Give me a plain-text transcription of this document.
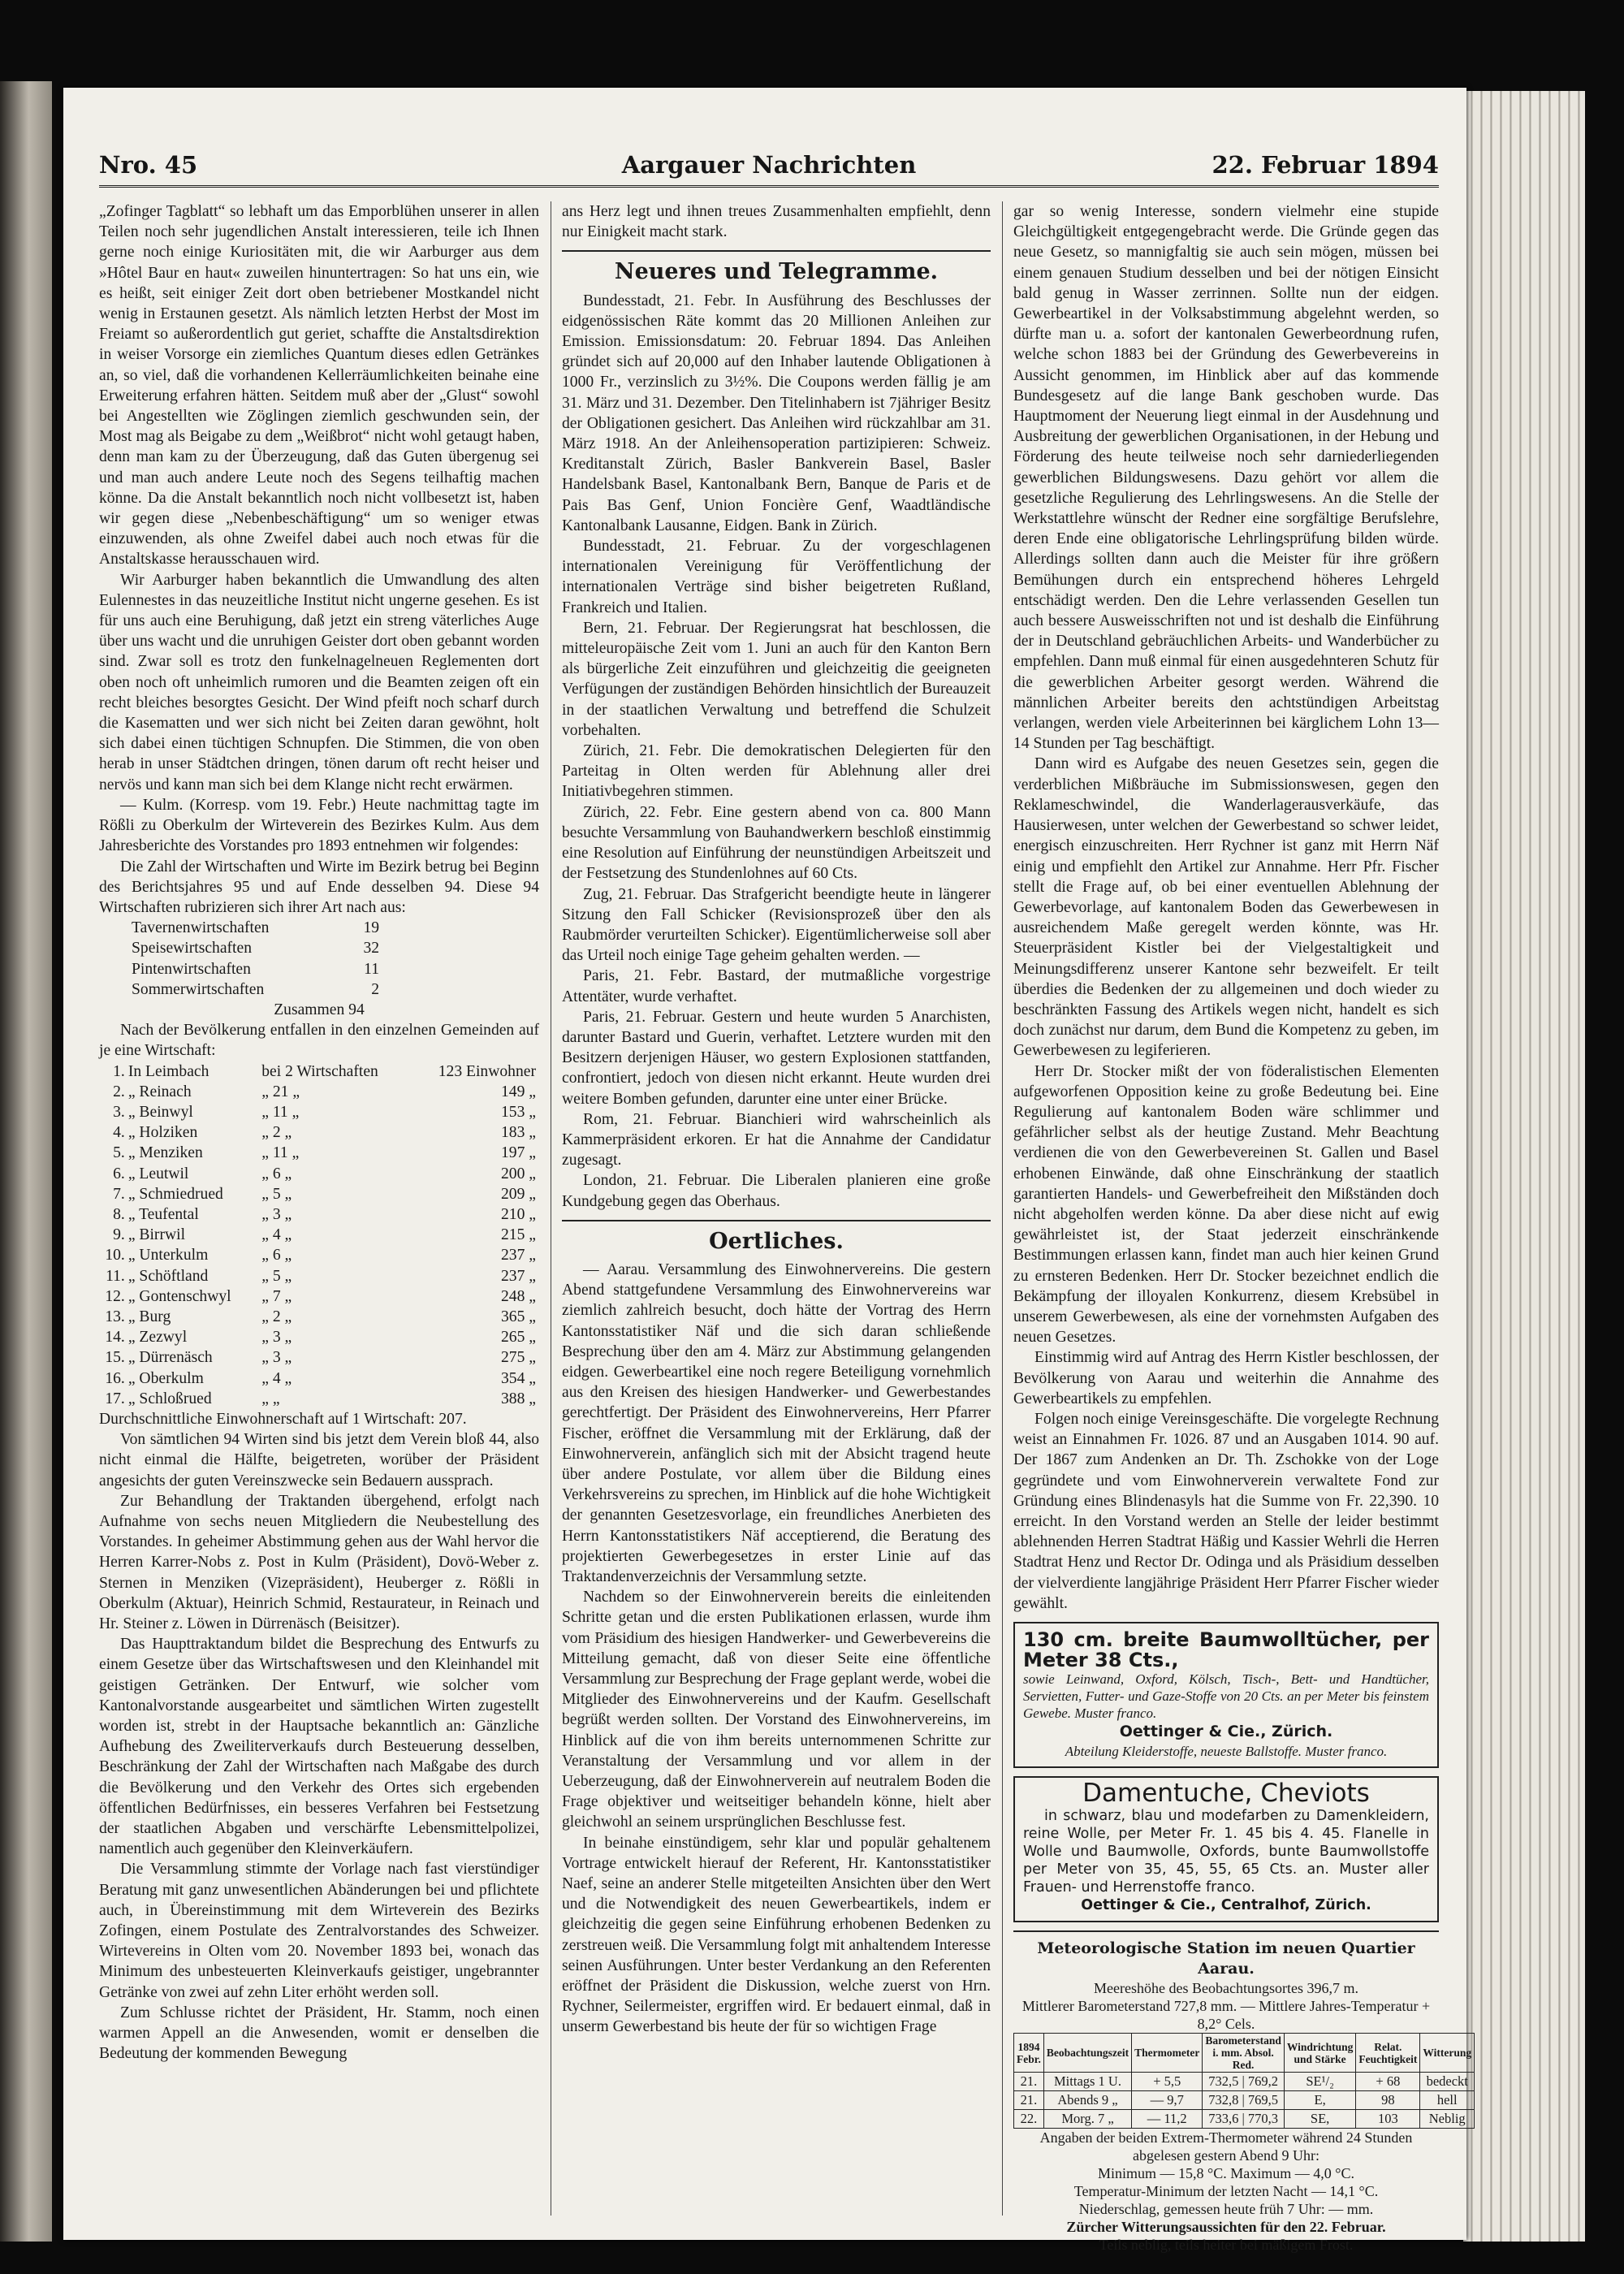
Nro. 45	Aargauer Nachrichten	22. Februar 1894

„Zofinger Tagblatt“ so lebhaft um das Emporblühen unserer in allen Teilen noch sehr jugendlichen Anstalt interessieren, teile ich Ihnen gerne noch einige Kuriositäten mit, die wir Aarburger aus dem »Hôtel Baur en haut« zuweilen hinuntertragen: So hat uns ein, wie es heißt, seit einiger Zeit dort oben betriebener Mostkandel nicht wenig in Erstaunen gesetzt. Als nämlich letzten Herbst der Most im Freiamt so außerordentlich gut geriet, schaffte die Anstaltsdirektion in weiser Vorsorge ein ziemliches Quantum dieses edlen Getränkes an, so viel, daß die vorhandenen Kellerräumlichkeiten beinahe eine Erweiterung erfahren hätten. Seitdem muß aber der „Glust“ sowohl bei Angestellten wie Zöglingen ziemlich geschwunden sein, der Most mag als Beigabe zu dem „Weißbrot“ nicht wohl getaugt haben, denn man kam zu der Überzeugung, daß das Guten übergenug sei und man auch andere Leute noch des Segens teilhaftig machen könne. Da die Anstalt bekanntlich noch nicht vollbesetzt ist, haben wir gegen diese „Nebenbeschäftigung“ um so weniger etwas einzuwenden, als ohne Zweifel dabei auch noch etwas für die Anstaltskasse herausschauen wird.

Wir Aarburger haben bekanntlich die Umwandlung des alten Eulennestes in das neuzeitliche Institut nicht ungerne gesehen. Es ist für uns auch eine Beruhigung, daß jetzt ein streng väterliches Auge über uns wacht und die unruhigen Geister dort oben gebannt worden sind. Zwar soll es trotz den funkelnagelneuen Reglementen dort oben noch oft unheimlich rumoren und die Beamten zeigen oft ein recht bleiches besorgtes Gesicht. Der Wind pfeift noch scharf durch die Kasematten und wer sich nicht bei Zeiten daran gewöhnt, holt sich dabei einen tüchtigen Schnupfen. Die Stimmen, die von oben herab in unser Städtchen dringen, tönen darum oft recht heiser und nervös und kann man sich bei dem Klange nicht recht erwärmen.

— Kulm. (Korresp. vom 19. Febr.) Heute nachmittag tagte im Rößli zu Oberkulm der Wirteverein des Bezirkes Kulm. Aus dem Jahresberichte des Vorstandes pro 1893 entnehmen wir folgendes:

Die Zahl der Wirtschaften und Wirte im Bezirk betrug bei Beginn des Berichtsjahres 95 und auf Ende desselben 94. Diese 94 Wirtschaften rubrizieren sich ihrer Art nach aus:

Tavernenwirtschaften	19
Speisewirtschaften	32
Pintenwirtschaften	11
Sommerwirtschaften	2

Zusammen 94

Nach der Bevölkerung entfallen in den einzelnen Gemeinden auf je eine Wirtschaft:

1.	In Leimbach	bei 2 Wirtschaften	123 Einwohner
2.	„ Reinach	„ 21 „	149 „
3.	„ Beinwyl	„ 11 „	153 „
4.	„ Holziken	„ 2 „	183 „
5.	„ Menziken	„ 11 „	197 „
6.	„ Leutwil	„ 6 „	200 „
7.	„ Schmiedrued	„ 5 „	209 „
8.	„ Teufental	„ 3 „	210 „
9.	„ Birrwil	„ 4 „	215 „
10.	„ Unterkulm	„ 6 „	237 „
11.	„ Schöftland	„ 5 „	237 „
12.	„ Gontenschwyl	„ 7 „	248 „
13.	„ Burg	„ 2 „	365 „
14.	„ Zezwyl	„ 3 „	265 „
15.	„ Dürrenäsch	„ 3 „	275 „
16.	„ Oberkulm	„ 4 „	354 „
17.	„ Schloßrued	„ „	388 „

Durchschnittliche Einwohnerschaft auf 1 Wirtschaft: 207.

Von sämtlichen 94 Wirten sind bis jetzt dem Verein bloß 44, also nicht einmal die Hälfte, beigetreten, worüber der Präsident angesichts der guten Vereinszwecke sein Bedauern aussprach.

Zur Behandlung der Traktanden übergehend, erfolgt nach Aufnahme von sechs neuen Mitgliedern die Neubestellung des Vorstandes. In geheimer Abstimmung gehen aus der Wahl hervor die Herren Karrer-Nobs z. Post in Kulm (Präsident), Dovö-Weber z. Sternen in Menziken (Vizepräsident), Heuberger z. Rößli in Oberkulm (Aktuar), Heinrich Schmid, Restaurateur, in Reinach und Hr. Steiner z. Löwen in Dürrenäsch (Beisitzer).

Das Haupttraktandum bildet die Besprechung des Entwurfs zu einem Gesetze über das Wirtschaftswesen und den Kleinhandel mit geistigen Getränken. Der Entwurf, wie solcher vom Kantonalvorstande ausgearbeitet und sämtlichen Wirten zugestellt worden ist, strebt in der Hauptsache bekanntlich an: Gänzliche Aufhebung des Zweiliterverkaufs durch Besteuerung desselben, Beschränkung der Zahl der Wirtschaften nach Maßgabe des durch die Bevölkerung und den Verkehr des Ortes sich ergebenden öffentlichen Bedürfnisses, ein besseres Verfahren bei Festsetzung der staatlichen Abgaben und verschärfte Lebensmittelpolizei, namentlich auch gegenüber den Kleinverkäufern.

Die Versammlung stimmte der Vorlage nach fast vierstündiger Beratung mit ganz unwesentlichen Abänderungen bei und pflichtete auch, in Übereinstimmung mit dem Wirteverein des Bezirks Zofingen, einem Postulate des Zentralvorstandes des Schweizer. Wirtevereins in Olten vom 20. November 1893 bei, wonach das Minimum des unbesteuerten Kleinverkaufs geistiger, ungebrannter Getränke von zwei auf zehn Liter erhöht werden soll.

Zum Schlusse richtet der Präsident, Hr. Stamm, noch einen warmen Appell an die Anwesenden, womit er denselben die Bedeutung der kommenden Bewegung

ans Herz legt und ihnen treues Zusammenhalten empfiehlt, denn nur Einigkeit macht stark.

Neueres und Telegramme.

Bundesstadt, 21. Febr. In Ausführung des Beschlusses der eidgenössischen Räte kommt das 20 Millionen Anleihen zur Emission. Emissionsdatum: 20. Februar 1894. Das Anleihen gründet sich auf 20,000 auf den Inhaber lautende Obligationen à 1000 Fr., verzinslich zu 3½%. Die Coupons werden fällig je am 31. März und 31. Dezember. Den Titelinhabern ist 7jähriger Besitz der Obligationen gesichert. Das Anleihen wird rückzahlbar am 31. März 1918. An der Anleihensoperation partizipieren: Schweiz. Kreditanstalt Zürich, Basler Bankverein Basel, Basler Handelsbank Basel, Kantonalbank Bern, Banque de Paris et de Pais Bas Genf, Union Foncière Genf, Waadtländische Kantonalbank Lausanne, Eidgen. Bank in Zürich.

Bundesstadt, 21. Februar. Zu der vorgeschlagenen internationalen Vereinigung für Veröffentlichung der internationalen Verträge sind bisher beigetreten Rußland, Frankreich und Italien.

Bern, 21. Februar. Der Regierungsrat hat beschlossen, die mitteleuropäische Zeit vom 1. Juni an auch für den Kanton Bern als bürgerliche Zeit einzuführen und gleichzeitig die geeigneten Verfügungen der zuständigen Behörden hinsichtlich der Bureauzeit in der staatlichen Verwaltung und betreffend die Schulzeit vorbehalten.

Zürich, 21. Febr. Die demokratischen Delegierten für den Parteitag in Olten werden für Ablehnung aller drei Initiativbegehren stimmen.

Zürich, 22. Febr. Eine gestern abend von ca. 800 Mann besuchte Versammlung von Bauhandwerkern beschloß einstimmig eine Resolution auf Einführung der neunstündigen Arbeitszeit und der Festsetzung des Stundenlohnes auf 60 Cts.

Zug, 21. Februar. Das Strafgericht beendigte heute in längerer Sitzung den Fall Schicker (Revisionsprozeß über den als Raubmörder verurteilten Schicker). Eigentümlicherweise soll aber das Urteil noch einige Tage geheim gehalten werden. —

Paris, 21. Febr. Bastard, der mutmaßliche vorgestrige Attentäter, wurde verhaftet.

Paris, 21. Februar. Gestern und heute wurden 5 Anarchisten, darunter Bastard und Guerin, verhaftet. Letztere wurden mit den Besitzern derjenigen Häuser, wo gestern Explosionen stattfanden, confrontiert, jedoch von diesen nicht erkannt. Heute wurden drei weitere Bomben gefunden, darunter eine unter einer Brücke.

Rom, 21. Februar. Bianchieri wird wahrscheinlich als Kammerpräsident erkoren. Er hat die Annahme der Candidatur zugesagt.

London, 21. Februar. Die Liberalen planieren eine große Kundgebung gegen das Oberhaus.

Oertliches.

— Aarau. Versammlung des Einwohnervereins. Die gestern Abend stattgefundene Versammlung des Einwohnervereins war ziemlich zahlreich besucht, doch hätte der Vortrag des Herrn Kantonsstatistiker Näf und die sich daran schließende Besprechung über den am 4. März zur Abstimmung gelangenden eidgen. Gewerbeartikel eine noch regere Beteiligung vornehmlich aus den Kreisen des hiesigen Handwerker- und Gewerbestandes gerechtfertigt. Der Präsident des Einwohnervereins, Herr Pfarrer Fischer, eröffnet die Versammlung mit der Erklärung, daß der Einwohnerverein, anfänglich sich mit der Absicht tragend heute über andere Postulate, vor allem über die Bildung eines Verkehrsvereins zu sprechen, im Hinblick auf die hohe Wichtigkeit der genannten Gesetzesvorlage, ein freundliches Anerbieten des Herrn Kantonsstatistikers Näf acceptierend, die Beratung des projektierten Gewerbegesetzes in erster Linie auf das Traktandenverzeichnis der Versammlung setzte.

Nachdem so der Einwohnerverein bereits die einleitenden Schritte getan und die ersten Publikationen erlassen, wurde ihm vom Präsidium des hiesigen Handwerker- und Gewerbevereins die Mitteilung gemacht, daß von dieser Seite eine öffentliche Versammlung zur Besprechung der Frage geplant werde, wobei die Mitglieder des Einwohnervereins und der Kaufm. Gesellschaft begrüßt werden sollten. Der Vorstand des Einwohnervereins, im Hinblick auf die von ihm bereits unternommenen Schritte zur Veranstaltung der Versammlung und vor allem in der Ueberzeugung, daß der Einwohnerverein auf neutralem Boden die Frage objektiver und weitseitiger behandeln könne, hielt aber gleichwohl an seinem ursprünglichen Beschlusse fest.

In beinahe einstündigem, sehr klar und populär gehaltenem Vortrage entwickelt hierauf der Referent, Hr. Kantonsstatistiker Naef, seine an anderer Stelle mitgeteilten Ansichten über den Wert und die Notwendigkeit des neuen Gewerbeartikels, indem er gleichzeitig die gegen seine Einführung erhobenen Bedenken zu zerstreuen weiß. Die Versammlung folgt mit anhaltendem Interesse seinen Ausführungen. Unter bester Verdankung an den Referenten eröffnet der Präsident die Diskussion, welche zuerst von Hrn. Rychner, Seilermeister, ergriffen wird. Er bedauert einmal, daß in unserm Gewerbestand bis heute der für so wichtigen Frage

gar so wenig Interesse, sondern vielmehr eine stupide Gleichgültigkeit entgegengebracht werde. Die Gründe gegen das neue Gesetz, so mannigfaltig sie auch sein mögen, müssen bei einem genauen Studium desselben und bei der nötigen Einsicht bald genug in Wasser zerrinnen. Sollte nun der eidgen. Gewerbeartikel in der Volksabstimmung abgelehnt werden, so dürfte man u. a. sofort der kantonalen Gewerbeordnung rufen, welche schon 1883 bei der Gründung des Gewerbevereins in Aussicht genommen, im Hinblick aber auf das kommende Bundesgesetz auf die lange Bank geschoben wurde. Das Hauptmoment der Neuerung liegt einmal in der Ausdehnung und Ausbreitung der gewerblichen Organisationen, in der Hebung und Förderung des heute teilweise noch sehr darniederliegenden gewerblichen Bildungswesens. Dazu gehört vor allem die gesetzliche Regulierung des Lehrlingswesens. An die Stelle der Werkstattlehre wünscht der Redner eine sorgfältige Berufslehre, deren Ende eine obligatorische Lehrlingsprüfung bilden würde. Allerdings sollten dann auch die Meister für ihre größern Bemühungen durch ein entsprechend höheres Lehrgeld entschädigt werden. Den die Lehre verlassenden Gesellen tun auch bessere Ausweisschriften not und ist deshalb die Einführung der in Deutschland gebräuchlichen Arbeits- und Wanderbücher zu empfehlen. Dann muß einmal für einen ausgedehnteren Schutz für die gewerblichen Arbeiter gesorgt werden. Während die männlichen Arbeiter bereits den achtstündigen Arbeitstag verlangen, werden viele Arbeiterinnen bei kärglichem Lohn 13—14 Stunden per Tag beschäftigt.

Dann wird es Aufgabe des neuen Gesetzes sein, gegen die verderblichen Mißbräuche im Submissionswesen, gegen den Reklameschwindel, die Wanderlagerausverkäufe, das Hausierwesen, unter welchen der Gewerbestand so schwer leidet, energisch einzuschreiten. Herr Rychner ist ganz mit Herrn Näf einig und empfiehlt den Artikel zur Annahme. Herr Pfr. Fischer stellt die Frage auf, ob bei einer eventuellen Ablehnung der Gewerbevorlage, auf kantonalem Boden das Gewerbewesen in ausreichendem Maße geregelt werden könnte, was Hr. Steuerpräsident Kistler bei der Vielgestaltigkeit und Meinungsdifferenz unserer Kantone sehr bezweifelt. Er teilt überdies die Bedenken der zu allgemeinen und doch wieder zu beschränkten Fassung des Artikels wegen nicht, handelt es sich doch zunächst nur darum, dem Bund die Kompetenz zu geben, im Gewerbewesen zu legiferieren.

Herr Dr. Stocker mißt der von föderalistischen Elementen aufgeworfenen Opposition keine zu große Bedeutung bei. Eine Regulierung auf kantonalem Boden wäre schlimmer und gefährlicher selbst als der heutige Zustand. Mehr Beachtung verdienen die von den Gewerbevereinen St. Gallen und Basel erhobenen Einwände, daß ohne Einschränkung der staatlich garantierten Handels- und Gewerbefreiheit den Mißständen doch nicht abgeholfen werden könne. Da aber diese nicht auf ewig gewährleistet ist, der Staat jederzeit einschränkende Bestimmungen erlassen kann, findet man auch hier keinen Grund zu ernsteren Bedenken. Herr Dr. Stocker bezeichnet endlich die Bekämpfung der illoyalen Konkurrenz, diesem Krebsübel in unserem Gewerbewesen, als eine der vornehmsten Aufgaben des neuen Gesetzes.

Einstimmig wird auf Antrag des Herrn Kistler beschlossen, der Bevölkerung von Aarau und weiterhin die Annahme des Gewerbeartikels zu empfehlen.

Folgen noch einige Vereinsgeschäfte. Die vorgelegte Rechnung weist an Einnahmen Fr. 1026. 87 und an Ausgaben 1014. 90 auf. Der 1867 zum Andenken an Dr. Th. Zschokke von der Loge gegründete und vom Einwohnerverein verwaltete Fond zur Gründung eines Blindenasyls hat die Summe von Fr. 22,390. 10 erreicht. In den Vorstand werden an Stelle der leider bestimmt ablehnenden Herren Stadtrat Häßig und Kassier Wehrli die Herren Stadtrat Henz und Rector Dr. Odinga und als Präsidium desselben der vielverdiente langjährige Präsident Herr Pfarrer Fischer wieder gewählt.

130 cm. breite Baumwolltücher, per Meter 38 Cts.,

sowie Leinwand, Oxford, Kölsch, Tisch-, Bett- und Handtücher, Servietten, Futter- und Gaze-Stoffe von 20 Cts. an per Meter bis feinstem Gewebe. Muster franco.

Oettinger & Cie., Zürich.

Abteilung Kleiderstoffe, neueste Ballstoffe. Muster franco.

Damentuche, Cheviots

in schwarz, blau und modefarben zu Damenkleidern, reine Wolle, per Meter Fr. 1. 45 bis 4. 45. Flanelle in Wolle und Baumwolle, Oxfords, bunte Baumwollstoffe per Meter von 35, 45, 55, 65 Cts. an. Muster aller Frauen- und Herrenstoffe franco.

Oettinger & Cie., Centralhof, Zürich.

Meteorologische Station im neuen Quartier Aarau.

Meereshöhe des Beobachtungsortes 396,7 m.

Mittlerer Barometerstand 727,8 mm. — Mittlere Jahres-Temperatur + 8,2° Cels.

1894 Febr.	Beobachtungszeit	Thermometer	Barometerstand i. mm. Absol. Red.	Windrichtung und Stärke	Relat. Feuchtigkeit	Witterung
21.	Mittags 1 U.	+ 5,5	732,5 | 769,2	SE¹/₂	+ 68	bedeckt
21.	Abends 9 „	— 9,7	732,8 | 769,5	E,	98	hell
22.	Morg. 7 „	— 11,2	733,6 | 770,3	SE,	103	Neblig

Angaben der beiden Extrem-Thermometer während 24 Stunden abgelesen gestern Abend 9 Uhr:

Minimum — 15,8 °C. Maximum — 4,0 °C.

Temperatur-Minimum der letzten Nacht — 14,1 °C.

Niederschlag, gemessen heute früh 7 Uhr: — mm.

Zürcher Witterungsaussichten für den 22. Februar.

Teils neblig, teils heiter bei mäßigem Frost.
